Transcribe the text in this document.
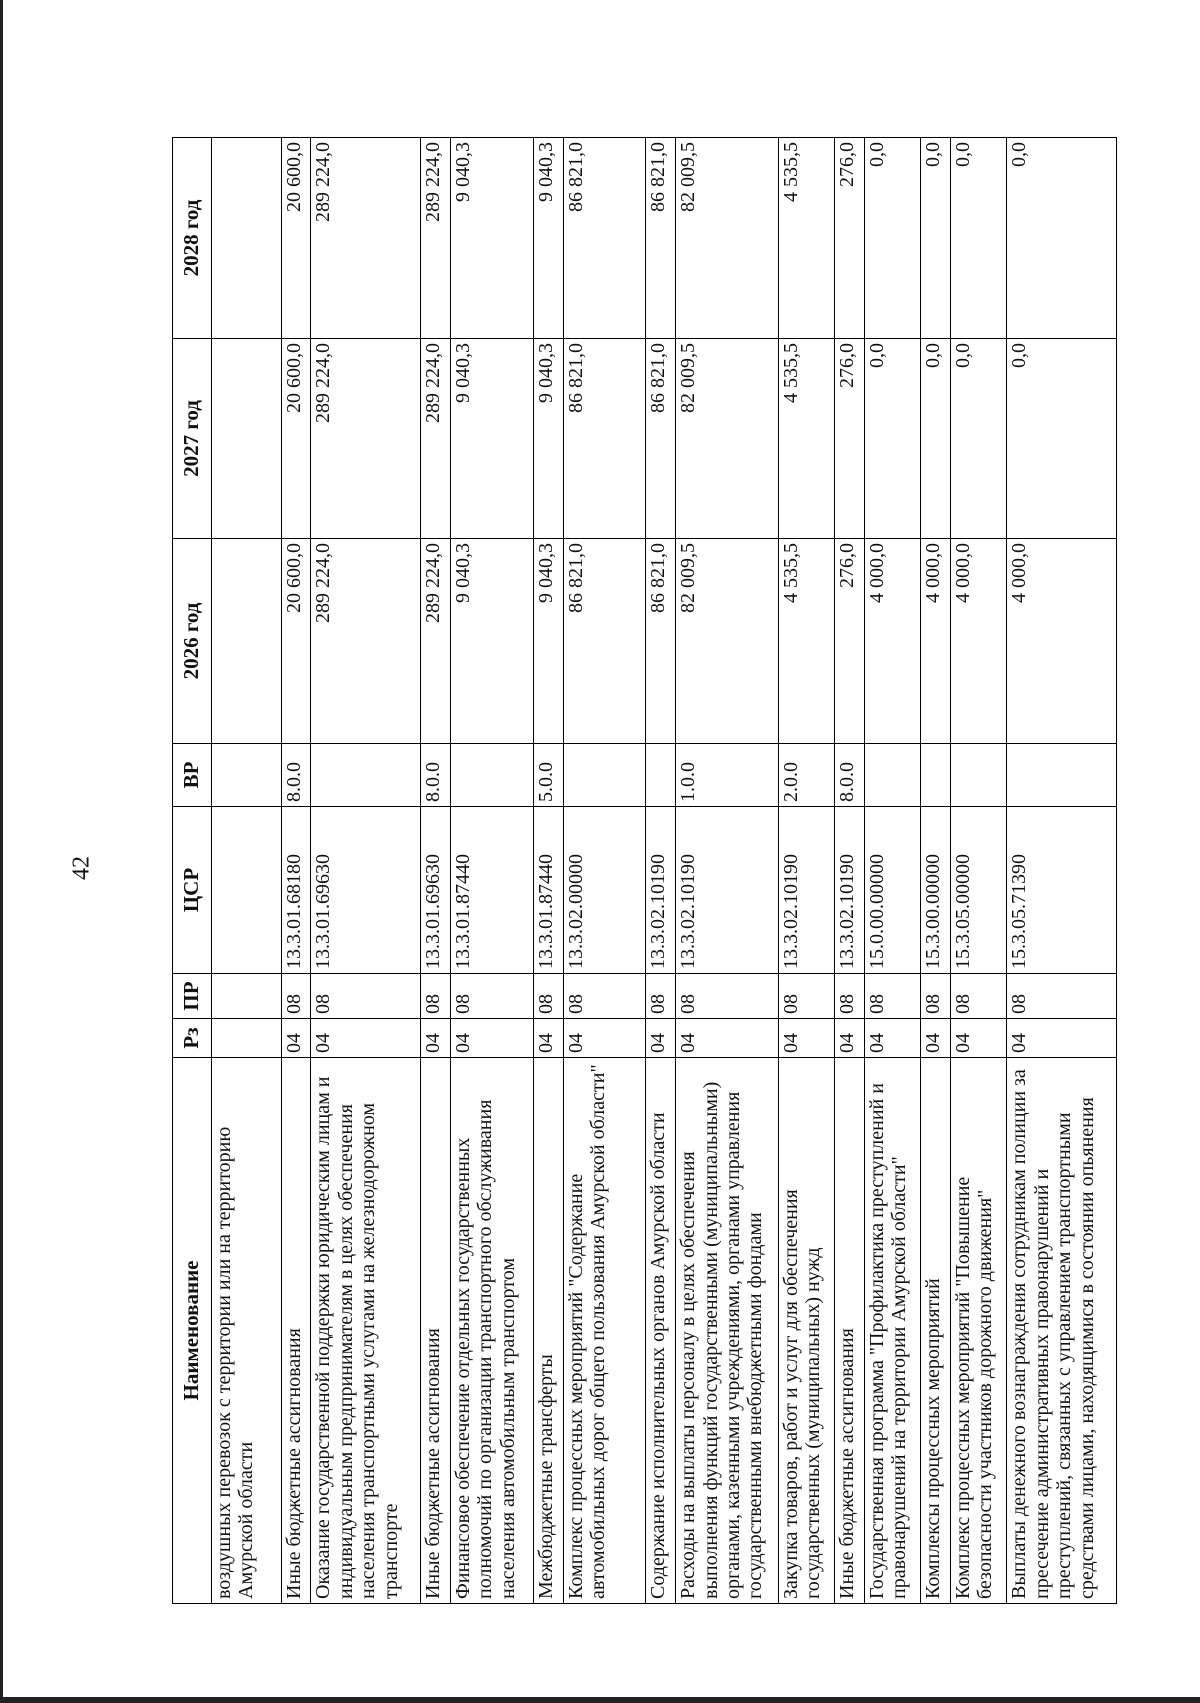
42
Наименование	Рз	ПР	ЦСР	ВР	2026 год	2027 год	2028 год
воздушных перевозок с территории или на территорию Амурской области							
Иные бюджетные ассигнования	04	08	13.3.01.68180	8.0.0	20 600,0	20 600,0	20 600,0
Оказание государственной поддержки юридическим лицам и индивидуальным предпринимателям в целях обеспечения населения транспортными услугами на железнодорожном транспорте	04	08	13.3.01.69630		289 224,0	289 224,0	289 224,0
Иные бюджетные ассигнования	04	08	13.3.01.69630	8.0.0	289 224,0	289 224,0	289 224,0
Финансовое обеспечение отдельных государственных полномочий по организации транспортного обслуживания населения автомобильным транспортом	04	08	13.3.01.87440		9 040,3	9 040,3	9 040,3
Межбюджетные трансферты	04	08	13.3.01.87440	5.0.0	9 040,3	9 040,3	9 040,3
Комплекс процессных мероприятий "Содержание автомобильных дорог общего пользования Амурской области"	04	08	13.3.02.00000		86 821,0	86 821,0	86 821,0
Содержание исполнительных органов Амурской области	04	08	13.3.02.10190		86 821,0	86 821,0	86 821,0
Расходы на выплаты персоналу в целях обеспечения выполнения функций государственными (муниципальными) органами, казенными учреждениями, органами управления государственными внебюджетными фондами	04	08	13.3.02.10190	1.0.0	82 009,5	82 009,5	82 009,5
Закупка товаров, работ и услуг для обеспечения государственных (муниципальных) нужд	04	08	13.3.02.10190	2.0.0	4 535,5	4 535,5	4 535,5
Иные бюджетные ассигнования	04	08	13.3.02.10190	8.0.0	276,0	276,0	276,0
Государственная программа "Профилактика преступлений и правонарушений на территории Амурской области"	04	08	15.0.00.00000		4 000,0	0,0	0,0
Комплексы процессных мероприятий	04	08	15.3.00.00000		4 000,0	0,0	0,0
Комплекс процессных мероприятий "Повышение безопасности участников дорожного движения"	04	08	15.3.05.00000		4 000,0	0,0	0,0
Выплаты денежного вознаграждения сотрудникам полиции за пресечение административных правонарушений и преступлений, связанных с управлением транспортными средствами лицами, находящимися в состоянии опьянения	04	08	15.3.05.71390		4 000,0	0,0	0,0
